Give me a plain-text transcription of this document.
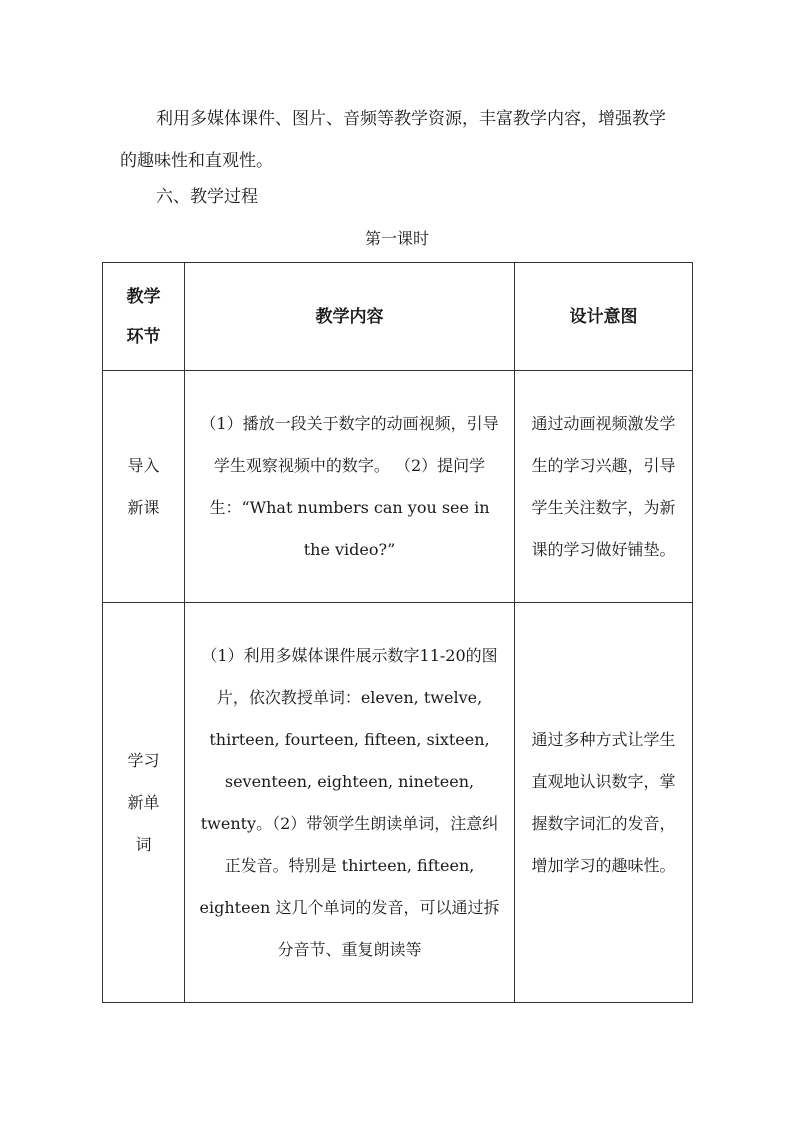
利用多媒体课件、图片、音频等教学资源，丰富教学内容，增强教学的趣味性和直观性。

六、教学过程

第一课时

教学环节	教学内容	设计意图
导入新课	（1）播放一段关于数字的动画视频，引导学生观察视频中的数字。 （2）提问学生：“What numbers can you see in the video?”	通过动画视频激发学生的学习兴趣，引导学生关注数字，为新课的学习做好铺垫。

学习新单词	（1）利用多媒体课件展示数字11-20的图片，依次教授单词：eleven, twelve, thirteen, fourteen, fifteen, sixteen, seventeen, eighteen, nineteen, twenty。（2）带领学生朗读单词，注意纠正发音。特别是 thirteen, fifteen, eighteen 这几个单词的发音，可以通过拆分音节、重复朗读等	通过多种方式让学生直观地认识数字，掌握数字词汇的发音，增加学习的趣味性。
